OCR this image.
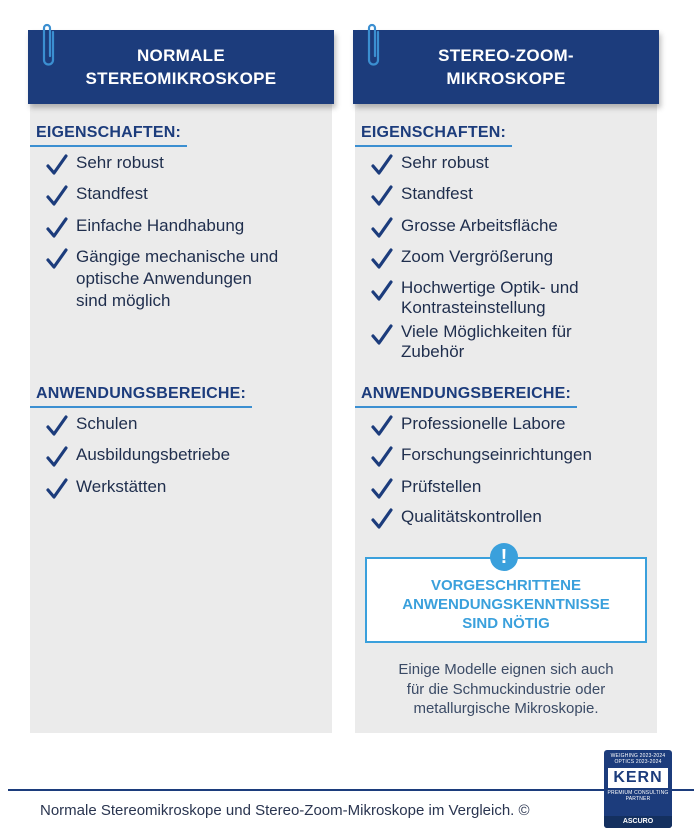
NORMALE
STEREOMIKROSKOPE
EIGENSCHAFTEN:
Sehr robust
Standfest
Einfache Handhabung
Gängige mechanische und
optische Anwendungen
sind möglich
ANWENDUNGSBEREICHE:
Schulen
Ausbildungsbetriebe
Werkstätten
STEREO-ZOOM-
MIKROSKOPE
EIGENSCHAFTEN:
Sehr robust
Standfest
Grosse Arbeitsfläche
Zoom Vergrößerung
Hochwertige Optik- und
Kontrasteinstellung
Viele Möglichkeiten für
Zubehör
ANWENDUNGSBEREICHE:
Professionelle Labore
Forschungseinrichtungen
Prüfstellen
Qualitätskontrollen
VORGESCHRITTENE
ANWENDUNGSKENNTNISSE
SIND NÖTIG
!
Einige Modelle eignen sich auch
für die Schmuckindustrie oder
metallurgische Mikroskopie.
Normale Stereomikroskope und Stereo-Zoom-Mikroskope im Vergleich. ©
WEIGHING 2023-2024
OPTICS 2023-2024
KERN
PREMIUM CONSULTING
PARTNER
ASCURO
